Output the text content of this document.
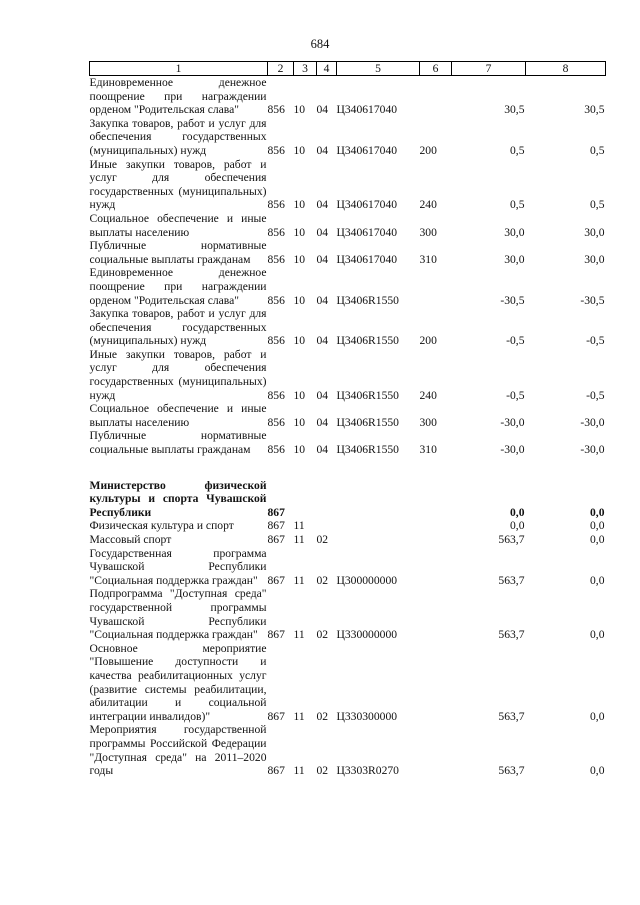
684
1	2	3	4	5	6	7	8
Единовременное денежное поощрение при награждении орденом "Родительская слава"	856	10	04	Ц340617040		30,5	30,5
Закупка товаров, работ и услуг для обеспечения государственных (муниципальных) нужд	856	10	04	Ц340617040	200	0,5	0,5
Иные закупки товаров, работ и услуг для обеспечения государственных (муниципальных) нужд	856	10	04	Ц340617040	240	0,5	0,5
Социальное обеспечение и иные выплаты населению	856	10	04	Ц340617040	300	30,0	30,0
Публичные нормативные социальные выплаты гражданам	856	10	04	Ц340617040	310	30,0	30,0
Единовременное денежное поощрение при награждении орденом "Родительская слава"	856	10	04	Ц3406R1550		-30,5	-30,5
Закупка товаров, работ и услуг для обеспечения государственных (муниципальных) нужд	856	10	04	Ц3406R1550	200	-0,5	-0,5
Иные закупки товаров, работ и услуг для обеспечения государственных (муниципальных) нужд	856	10	04	Ц3406R1550	240	-0,5	-0,5
Социальное обеспечение и иные выплаты населению	856	10	04	Ц3406R1550	300	-30,0	-30,0
Публичные нормативные социальные выплаты гражданам	856	10	04	Ц3406R1550	310	-30,0	-30,0

Министерство физической культуры и спорта Чувашской Республики	867					0,0	0,0
Физическая культура и спорт	867	11				0,0	0,0
Массовый спорт	867	11	02			563,7	0,0
Государственная программа Чувашской Республики "Социальная поддержка граждан"	867	11	02	Ц300000000		563,7	0,0
Подпрограмма "Доступная среда" государственной программы Чувашской Республики "Социальная поддержка граждан"	867	11	02	Ц330000000		563,7	0,0
Основное мероприятие "Повышение доступности и качества реабилитационных услуг (развитие системы реабилитации, абилитации и социальной интеграции инвалидов)"	867	11	02	Ц330300000		563,7	0,0
Мероприятия государственной программы Российской Федерации "Доступная среда" на 2011–2020 годы	867	11	02	Ц3303R0270		563,7	0,0
